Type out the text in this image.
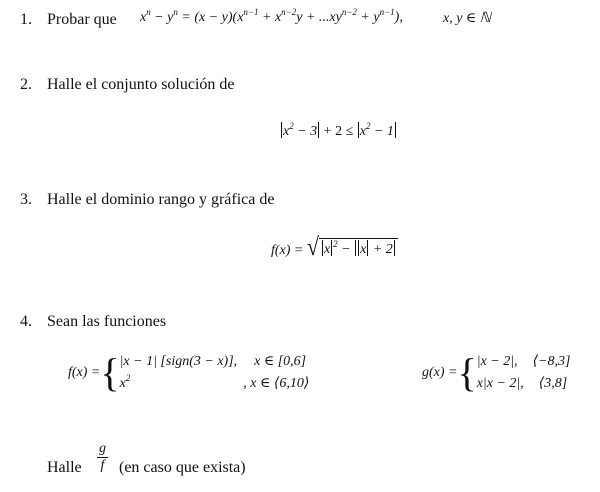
1. Probar que $x^n - y^n = (x - y)(x^{n-1} + x^{n-2}y + ...xy^{n-2} + y^{n-1})$,	x, y ∈ ℕ
2. Halle el conjunto solución de
$x^2 - 3 + 2 \le x^2 - 1$
3. Halle el dominio rango y gráfica de
f(x) = √ x $^2$ − x + 2
4. Sean las funciones
f(x) = { |x − 1| [sign(3 − x)], x ∈ [0,6]
$x^2$	, x ∈ ⟨6,10⟩
g(x) = { |x − 2|, ⟨−8,3]
x|x − 2|, ⟨3,8]
Halle $\frac{g}{f} (en$ caso que exista)
